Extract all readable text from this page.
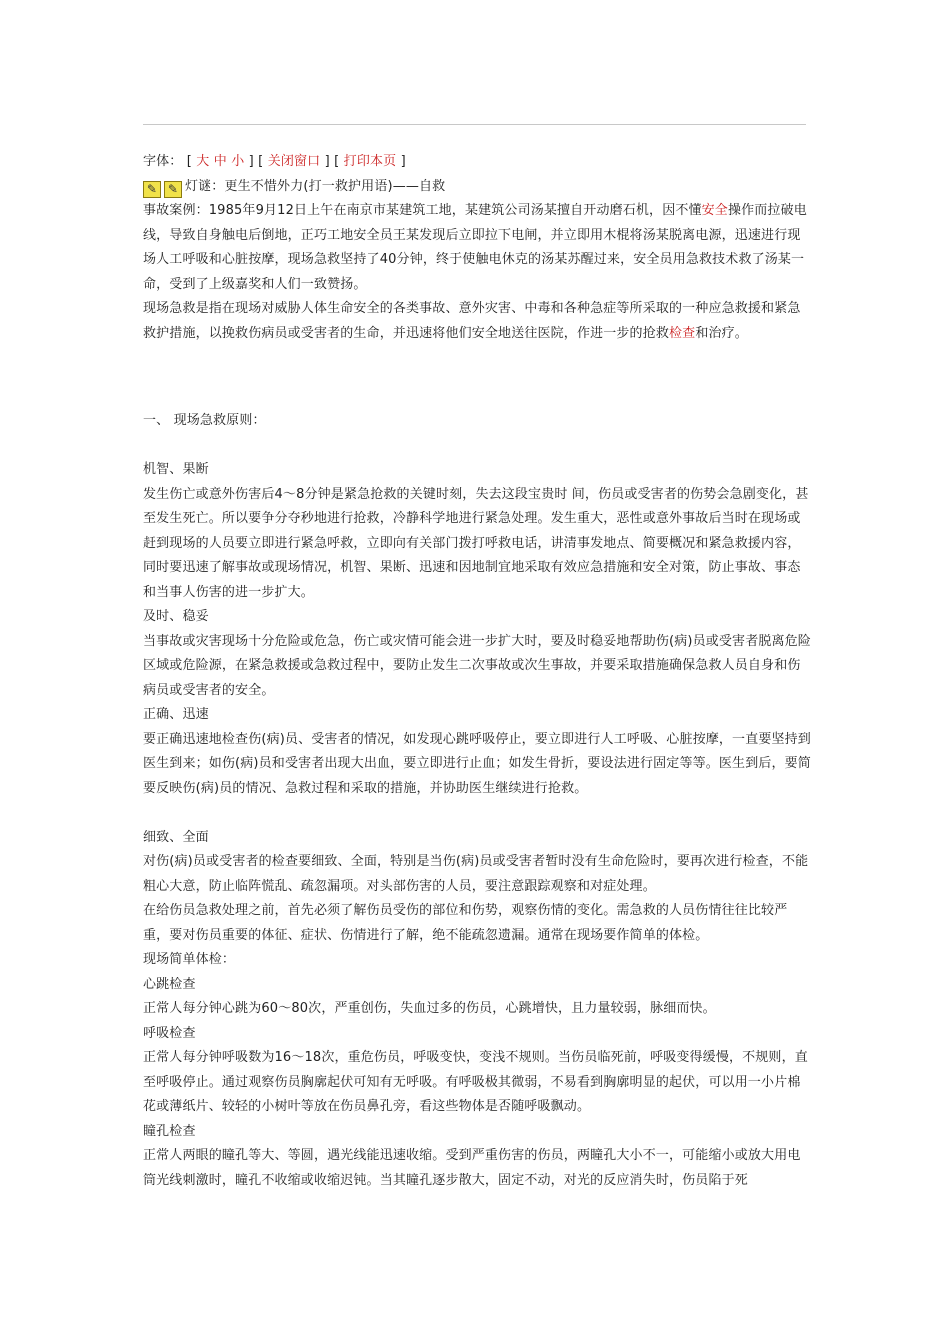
字体： [ 大 中 小 ] [ 关闭窗口 ] [ 打印本页 ]

✎ ✎ 灯谜：更生不惜外力(打一救护用语)——自救

事故案例：1985年9月12日上午在南京市某建筑工地，某建筑公司汤某擅自开动磨石机，因不懂安全操作而拉破电线，导致自身触电后倒地，正巧工地安全员王某发现后立即拉下电闸，并立即用木棍将汤某脱离电源，迅速进行现场人工呼吸和心脏按摩，现场急救坚持了40分钟，终于使触电休克的汤某苏醒过来，安全员用急救技术救了汤某一命，受到了上级嘉奖和人们一致赞扬。

现场急救是指在现场对威胁人体生命安全的各类事故、意外灾害、中毒和各种急症等所采取的一种应急救援和紧急救护措施，以挽救伤病员或受害者的生命，并迅速将他们安全地送往医院，作进一步的抢救检查和治疗。

一、 现场急救原则：

机智、果断

发生伤亡或意外伤害后4～8分钟是紧急抢救的关键时刻，失去这段宝贵时 间，伤员或受害者的伤势会急剧变化，甚至发生死亡。所以要争分夺秒地进行抢救，冷静科学地进行紧急处理。发生重大，恶性或意外事故后当时在现场或赶到现场的人员要立即进行紧急呼救，立即向有关部门拨打呼救电话，讲清事发地点、简要概况和紧急救援内容，同时要迅速了解事故或现场情况，机智、果断、迅速和因地制宜地采取有效应急措施和安全对策，防止事故、事态和当事人伤害的进一步扩大。

及时、稳妥

当事故或灾害现场十分危险或危急，伤亡或灾情可能会进一步扩大时，要及时稳妥地帮助伤(病)员或受害者脱离危险区域或危险源，在紧急救援或急救过程中，要防止发生二次事故或次生事故，并要采取措施确保急救人员自身和伤病员或受害者的安全。

正确、迅速

要正确迅速地检查伤(病)员、受害者的情况，如发现心跳呼吸停止，要立即进行人工呼吸、心脏按摩，一直要坚持到医生到来；如伤(病)员和受害者出现大出血，要立即进行止血；如发生骨折，要设法进行固定等等。医生到后，要简要反映伤(病)员的情况、急救过程和采取的措施，并协助医生继续进行抢救。

细致、全面

对伤(病)员或受害者的检查要细致、全面，特别是当伤(病)员或受害者暂时没有生命危险时，要再次进行检查，不能粗心大意，防止临阵慌乱、疏忽漏项。对头部伤害的人员，要注意跟踪观察和对症处理。

在给伤员急救处理之前，首先必须了解伤员受伤的部位和伤势，观察伤情的变化。需急救的人员伤情往往比较严重，要对伤员重要的体征、症状、伤情进行了解，绝不能疏忽遗漏。通常在现场要作简单的体检。

现场简单体检：

心跳检查

正常人每分钟心跳为60～80次，严重创伤，失血过多的伤员，心跳增快，且力量较弱，脉细而快。

呼吸检查

正常人每分钟呼吸数为16～18次，重危伤员，呼吸变快，变浅不规则。当伤员临死前，呼吸变得缓慢，不规则，直至呼吸停止。通过观察伤员胸廓起伏可知有无呼吸。有呼吸极其微弱，不易看到胸廓明显的起伏，可以用一小片棉花或薄纸片、较轻的小树叶等放在伤员鼻孔旁，看这些物体是否随呼吸飘动。

瞳孔检查

正常人两眼的瞳孔等大、等圆，遇光线能迅速收缩。受到严重伤害的伤员，两瞳孔大小不一，可能缩小或放大用电筒光线刺激时，瞳孔不收缩或收缩迟钝。当其瞳孔逐步散大，固定不动，对光的反应消失时，伤员陷于死
